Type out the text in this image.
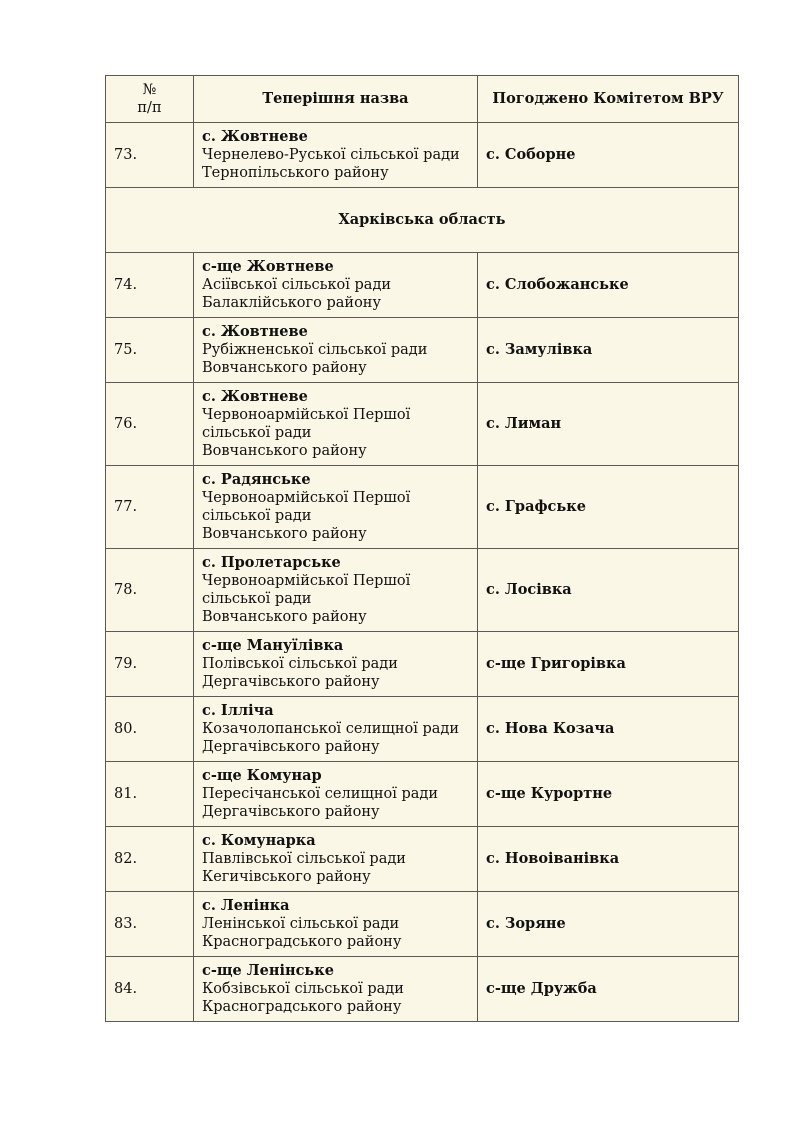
№
п/п	Теперішня назва	Погоджено Комітетом ВРУ
73.	с. Жовтневе
Чернелево-Руської сільської ради
Тернопільського району	с. Соборне
Харківська область		
74.	с-ще Жовтневе
Асіївської сільської ради
Балаклійського району	с. Слобожанське
75.	с. Жовтневе
Рубіжненської сільської ради
Вовчанського району	с. Замулівка
76.	с. Жовтневе
Червоноармійської Першої
сільської ради
Вовчанського району	с. Лиман
77.	с. Радянське
Червоноармійської Першої
сільської ради
Вовчанського району	с. Графське
78.	с. Пролетарське
Червоноармійської Першої
сільської ради
Вовчанського району	с. Лосівка
79.	с-ще Мануїлівка
Полівської сільської ради
Дергачівського району	с-ще Григорівка
80.	с. Ілліча
Козачолопанської селищної ради
Дергачівського району	с. Нова Козача
81.	с-ще Комунар
Пересічанської селищної ради
Дергачівського району	с-ще Курортне
82.	с. Комунарка
Павлівської сільської ради
Кегичівського району	с. Новоіванівка
83.	с. Ленінка
Ленінської сільської ради
Красноградського району	с. Зоряне
84.	с-ще Ленінське
Кобзівської сільської ради
Красноградського району	с-ще Дружба
